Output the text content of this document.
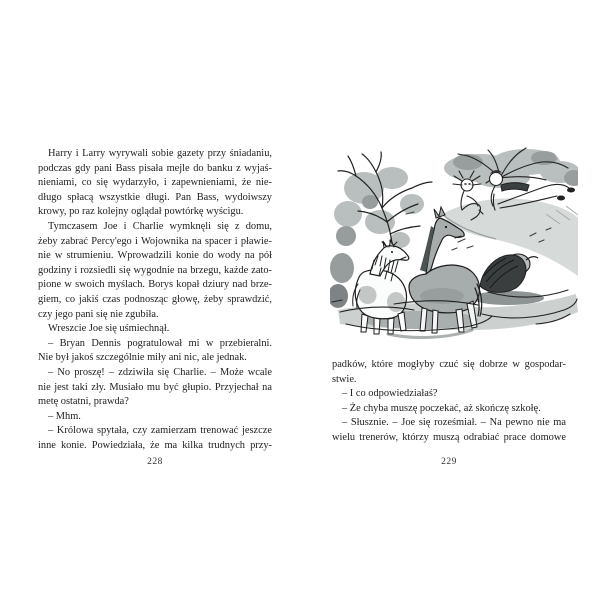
Harry i Larry wyrywali sobie gazety przy śniadaniu,
podczas gdy pani Bass pisała mejle do banku z wyjaś-
nieniami, co się wydarzyło, i zapewnieniami, że nie-
długo spłacą wszystkie długi. Pan Bass, wydoiwszy
krowy, po raz kolejny oglądał powtórkę wyścigu.
Tymczasem Joe i Charlie wymknęli się z domu,
żeby zabrać Percy'ego i Wojownika na spacer i pławie-
nie w strumieniu. Wprowadzili konie do wody na pół
godziny i rozsiedli się wygodnie na brzegu, każde zato-
pione w swoich myślach. Borys kopał dziury nad brze-
giem, co jakiś czas podnosząc głowę, żeby sprawdzić,
czy jego pani się nie zgubiła.
Wreszcie Joe się uśmiechnął.
– Bryan Dennis pogratulował mi w przebieralni.
Nie był jakoś szczególnie miły ani nic, ale jednak.
– No proszę! – zdziwiła się Charlie. – Może wcale
nie jest taki zły. Musiało mu być głupio. Przyjechał na
metę ostatni, prawda?
– Mhm.
– Królowa spytała, czy zamierzam trenować jeszcze
inne konie. Powiedziała, że ma kilka trudnych przy-
228
padków, które mogłyby czuć się dobrze w gospodar-
stwie.
– I co odpowiedziałaś?
– Że chyba muszę poczekać, aż skończę szkołę.
– Słusznie. – Joe się roześmiał. – Na pewno nie ma
wielu trenerów, którzy muszą odrabiać prace domowe
229
